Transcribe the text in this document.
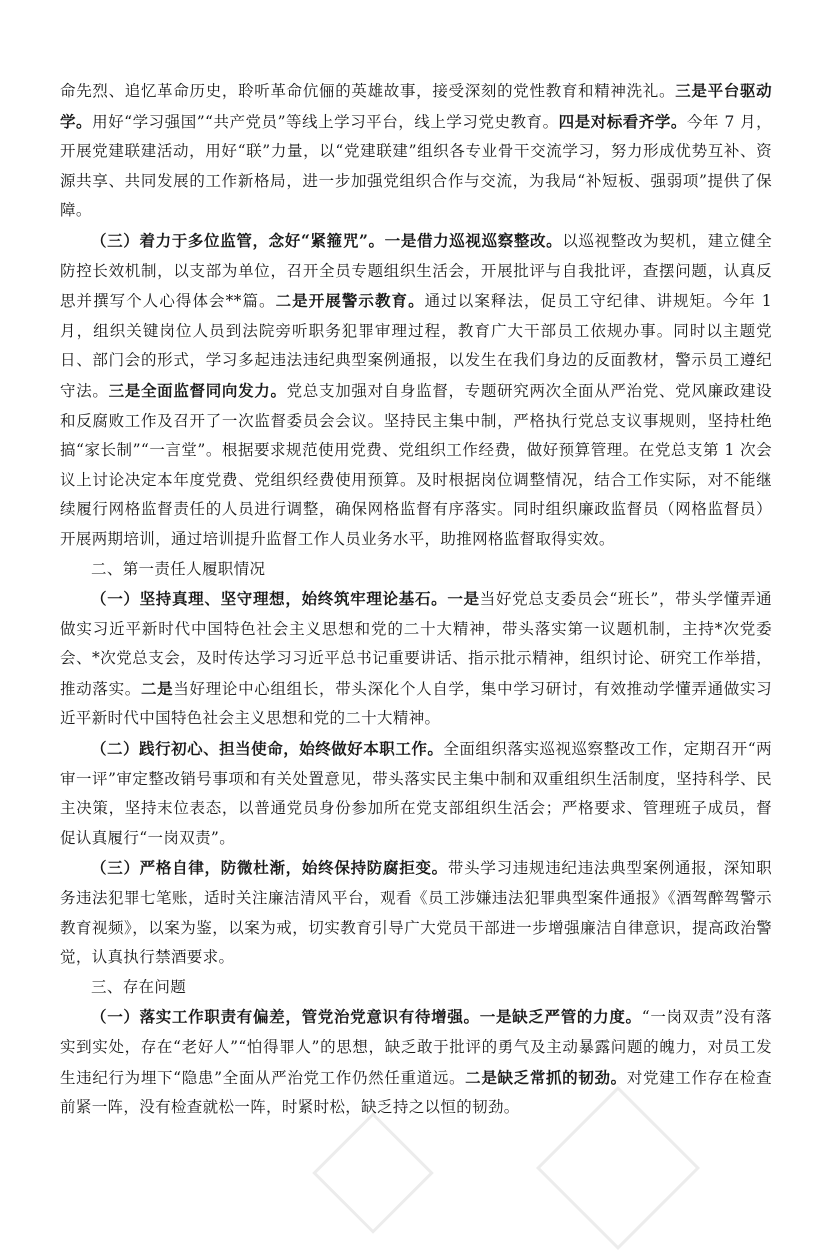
命先烈、追忆革命历史，聆听革命伉俪的英雄故事，接受深刻的党性教育和精神洗礼。三是平台驱动学。用好“学习强国”“共产党员”等线上学习平台，线上学习党史教育。四是对标看齐学。今年 7 月，开展党建联建活动，用好“联”力量，以“党建联建”组织各专业骨干交流学习，努力形成优势互补、资源共享、共同发展的工作新格局，进一步加强党组织合作与交流，为我局“补短板、强弱项”提供了保障。

（三）着力于多位监管，念好“紧箍咒”。一是借力巡视巡察整改。以巡视整改为契机，建立健全防控长效机制，以支部为单位，召开全员专题组织生活会，开展批评与自我批评，查摆问题，认真反思并撰写个人心得体会**篇。二是开展警示教育。通过以案释法，促员工守纪律、讲规矩。今年 1 月，组织关键岗位人员到法院旁听职务犯罪审理过程，教育广大干部员工依规办事。同时以主题党日、部门会的形式，学习多起违法违纪典型案例通报，以发生在我们身边的反面教材，警示员工遵纪守法。三是全面监督同向发力。党总支加强对自身监督，专题研究两次全面从严治党、党风廉政建设和反腐败工作及召开了一次监督委员会会议。坚持民主集中制，严格执行党总支议事规则，坚持杜绝搞“家长制”“一言堂”。根据要求规范使用党费、党组织工作经费，做好预算管理。在党总支第 1 次会议上讨论决定本年度党费、党组织经费使用预算。及时根据岗位调整情况，结合工作实际，对不能继续履行网格监督责任的人员进行调整，确保网格监督有序落实。同时组织廉政监督员（网格监督员）开展两期培训，通过培训提升监督工作人员业务水平，助推网格监督取得实效。

二、第一责任人履职情况

（一）坚持真理、坚守理想，始终筑牢理论基石。一是当好党总支委员会“班长”，带头学懂弄通做实习近平新时代中国特色社会主义思想和党的二十大精神，带头落实第一议题机制，主持*次党委会、*次党总支会，及时传达学习习近平总书记重要讲话、指示批示精神，组织讨论、研究工作举措，推动落实。二是当好理论中心组组长，带头深化个人自学，集中学习研讨，有效推动学懂弄通做实习近平新时代中国特色社会主义思想和党的二十大精神。

（二）践行初心、担当使命，始终做好本职工作。全面组织落实巡视巡察整改工作，定期召开“两审一评”审定整改销号事项和有关处置意见，带头落实民主集中制和双重组织生活制度，坚持科学、民主决策，坚持末位表态，以普通党员身份参加所在党支部组织生活会；严格要求、管理班子成员，督促认真履行“一岗双责”。

（三）严格自律，防微杜渐，始终保持防腐拒变。带头学习违规违纪违法典型案例通报，深知职务违法犯罪七笔账，适时关注廉洁清风平台，观看《员工涉嫌违法犯罪典型案件通报》《酒驾醉驾警示教育视频》，以案为鉴，以案为戒，切实教育引导广大党员干部进一步增强廉洁自律意识，提高政治警觉，认真执行禁酒要求。

三、存在问题

（一）落实工作职责有偏差，管党治党意识有待增强。一是缺乏严管的力度。“一岗双责”没有落实到实处，存在“老好人”“怕得罪人”的思想，缺乏敢于批评的勇气及主动暴露问题的魄力，对员工发生违纪行为埋下“隐患”全面从严治党工作仍然任重道远。二是缺乏常抓的韧劲。对党建工作存在检查前紧一阵，没有检查就松一阵，时紧时松，缺乏持之以恒的韧劲。
